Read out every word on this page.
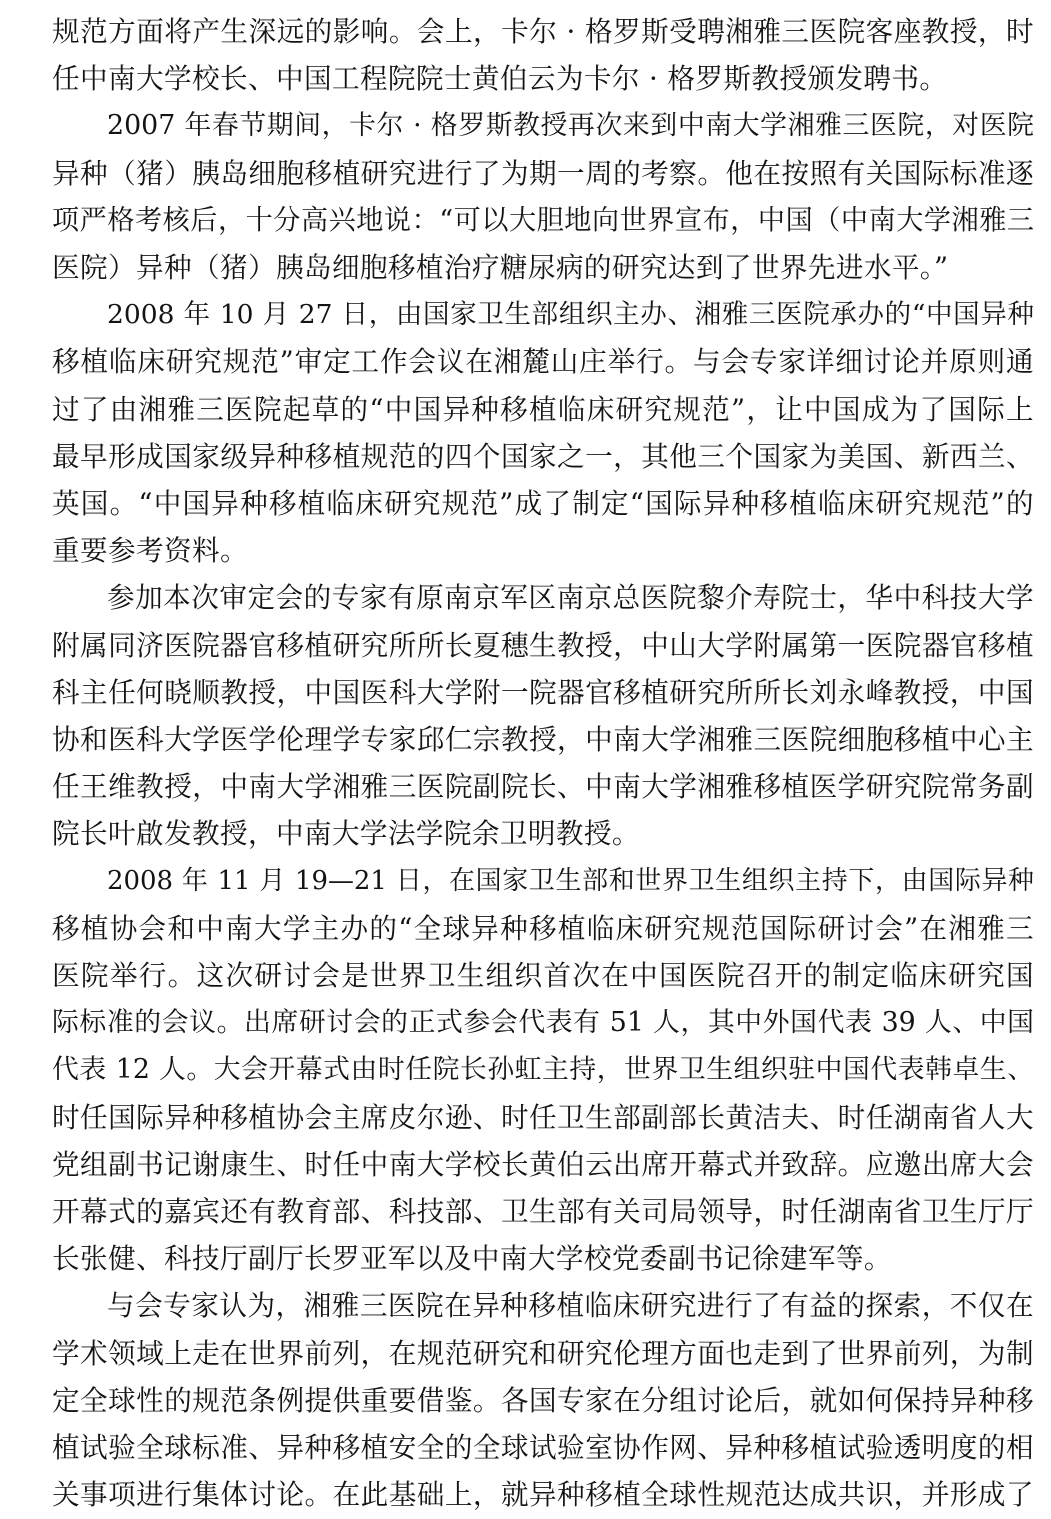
规范方面将产生深远的影响。会上，卡尔 · 格罗斯受聘湘雅三医院客座教授，时
任中南大学校长、中国工程院院士黄伯云为卡尔 · 格罗斯教授颁发聘书。

2007 年春节期间，卡尔 · 格罗斯教授再次来到中南大学湘雅三医院，对医院
异种（猪）胰岛细胞移植研究进行了为期一周的考察。他在按照有关国际标准逐
项严格考核后，十分高兴地说：“可以大胆地向世界宣布，中国（中南大学湘雅三
医院）异种（猪）胰岛细胞移植治疗糖尿病的研究达到了世界先进水平。”

2008 年 10 月 27 日，由国家卫生部组织主办、湘雅三医院承办的“中国异种
移植临床研究规范”审定工作会议在湘麓山庄举行。与会专家详细讨论并原则通
过了由湘雅三医院起草的“中国异种移植临床研究规范”，让中国成为了国际上
最早形成国家级异种移植规范的四个国家之一，其他三个国家为美国、新西兰、
英国。“中国异种移植临床研究规范”成了制定“国际异种移植临床研究规范”的
重要参考资料。

参加本次审定会的专家有原南京军区南京总医院黎介寿院士，华中科技大学
附属同济医院器官移植研究所所长夏穗生教授，中山大学附属第一医院器官移植
科主任何晓顺教授，中国医科大学附一院器官移植研究所所长刘永峰教授，中国
协和医科大学医学伦理学专家邱仁宗教授，中南大学湘雅三医院细胞移植中心主
任王维教授，中南大学湘雅三医院副院长、中南大学湘雅移植医学研究院常务副
院长叶啟发教授，中南大学法学院余卫明教授。

2008 年 11 月 19—21 日，在国家卫生部和世界卫生组织主持下，由国际异种
移植协会和中南大学主办的“全球异种移植临床研究规范国际研讨会”在湘雅三
医院举行。这次研讨会是世界卫生组织首次在中国医院召开的制定临床研究国
际标准的会议。出席研讨会的正式参会代表有 51 人，其中外国代表 39 人、中国
代表 12 人。大会开幕式由时任院长孙虹主持，世界卫生组织驻中国代表韩卓生、
时任国际异种移植协会主席皮尔逊、时任卫生部副部长黄洁夫、时任湖南省人大
党组副书记谢康生、时任中南大学校长黄伯云出席开幕式并致辞。应邀出席大会
开幕式的嘉宾还有教育部、科技部、卫生部有关司局领导，时任湖南省卫生厅厅
长张健、科技厅副厅长罗亚军以及中南大学校党委副书记徐建军等。

与会专家认为，湘雅三医院在异种移植临床研究进行了有益的探索，不仅在
学术领域上走在世界前列，在规范研究和研究伦理方面也走到了世界前列，为制
定全球性的规范条例提供重要借鉴。各国专家在分组讨论后，就如何保持异种移
植试验全球标准、异种移植安全的全球试验室协作网、异种移植试验透明度的相
关事项进行集体讨论。在此基础上，就异种移植全球性规范达成共识，并形成了
